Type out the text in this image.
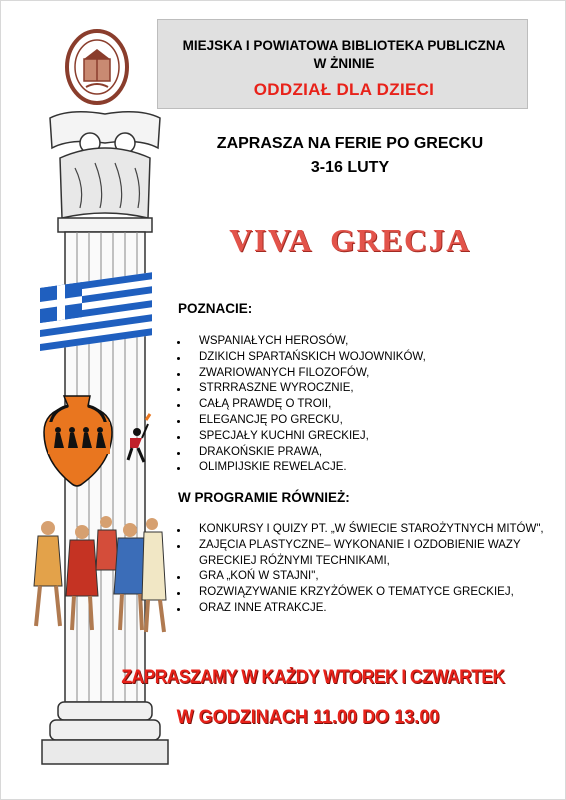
MIEJSKA I POWIATOWA BIBLIOTEKA PUBLICZNA
W ŻNINIE
ODDZIAŁ DLA DZIECI
ZAPRASZA NA FERIE PO GRECKU
3-16 LUTY
VIVA  GRECJA
POZNACIE:
WSPANIAŁYCH HEROSÓW,
DZIKICH SPARTAŃSKICH WOJOWNIKÓW,
ZWARIOWANYCH FILOZOFÓW,
STRRRASZNE WYROCZNIE,
CAŁĄ PRAWDĘ O TROII,
ELEGANCJĘ PO GRECKU,
SPECJAŁY KUCHNI GRECKIEJ,
DRAKOŃSKIE PRAWA,
OLIMPIJSKIE REWELACJE.
W PROGRAMIE RÓWNIEŻ:
KONKURSY I QUIZY PT. „W ŚWIECIE STAROŻYTNYCH MITÓW",
ZAJĘCIA PLASTYCZNE– WYKONANIE I OZDOBIENIE WAZY
GRECKIEJ RÓŻNYMI TECHNIKAMI,
GRA „KOŃ W STAJNI",
ROZWIĄZYWANIE KRZYŻÓWEK O TEMATYCE GRECKIEJ,
ORAZ INNE ATRAKCJE.
ZAPRASZAMY W KAŻDY WTOREK I CZWARTEK
W GODZINACH 11.00 DO 13.00
